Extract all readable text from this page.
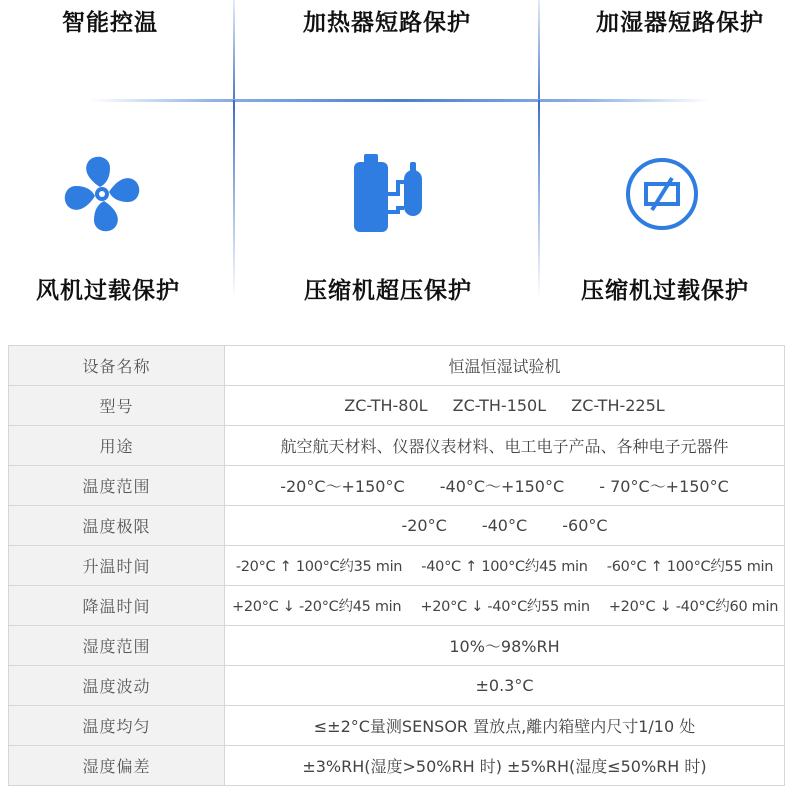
智能控温	加热器短路保护	加湿器短路保护
风机过载保护	压缩机超压保护	压缩机过载保护
设备名称	恒温恒湿试验机
型号	ZC-TH-80L ZC-TH-150L ZC-TH-225L
用途	航空航天材料、仪器仪表材料、电工电子产品、各种电子元器件
温度范围	-20°C～+150°C -40°C～+150°C - 70°C～+150°C
温度极限	-20°C -40°C -60°C
升温时间	-20°C ↑ 100°C约35 min -40°C ↑ 100°C约45 min -60°C ↑ 100°C约55 min
降温时间	+20°C ↓ -20°C约45 min +20°C ↓ -40°C约55 min +20°C ↓ -40°C约60 min
湿度范围	10%～98%RH
温度波动	±0.3°C
温度均匀	≤±2°C量测SENSOR 置放点,離内箱壁内尺寸1/10 处
湿度偏差	±3%RH(湿度>50%RH 时) ±5%RH(湿度≤50%RH 时)
